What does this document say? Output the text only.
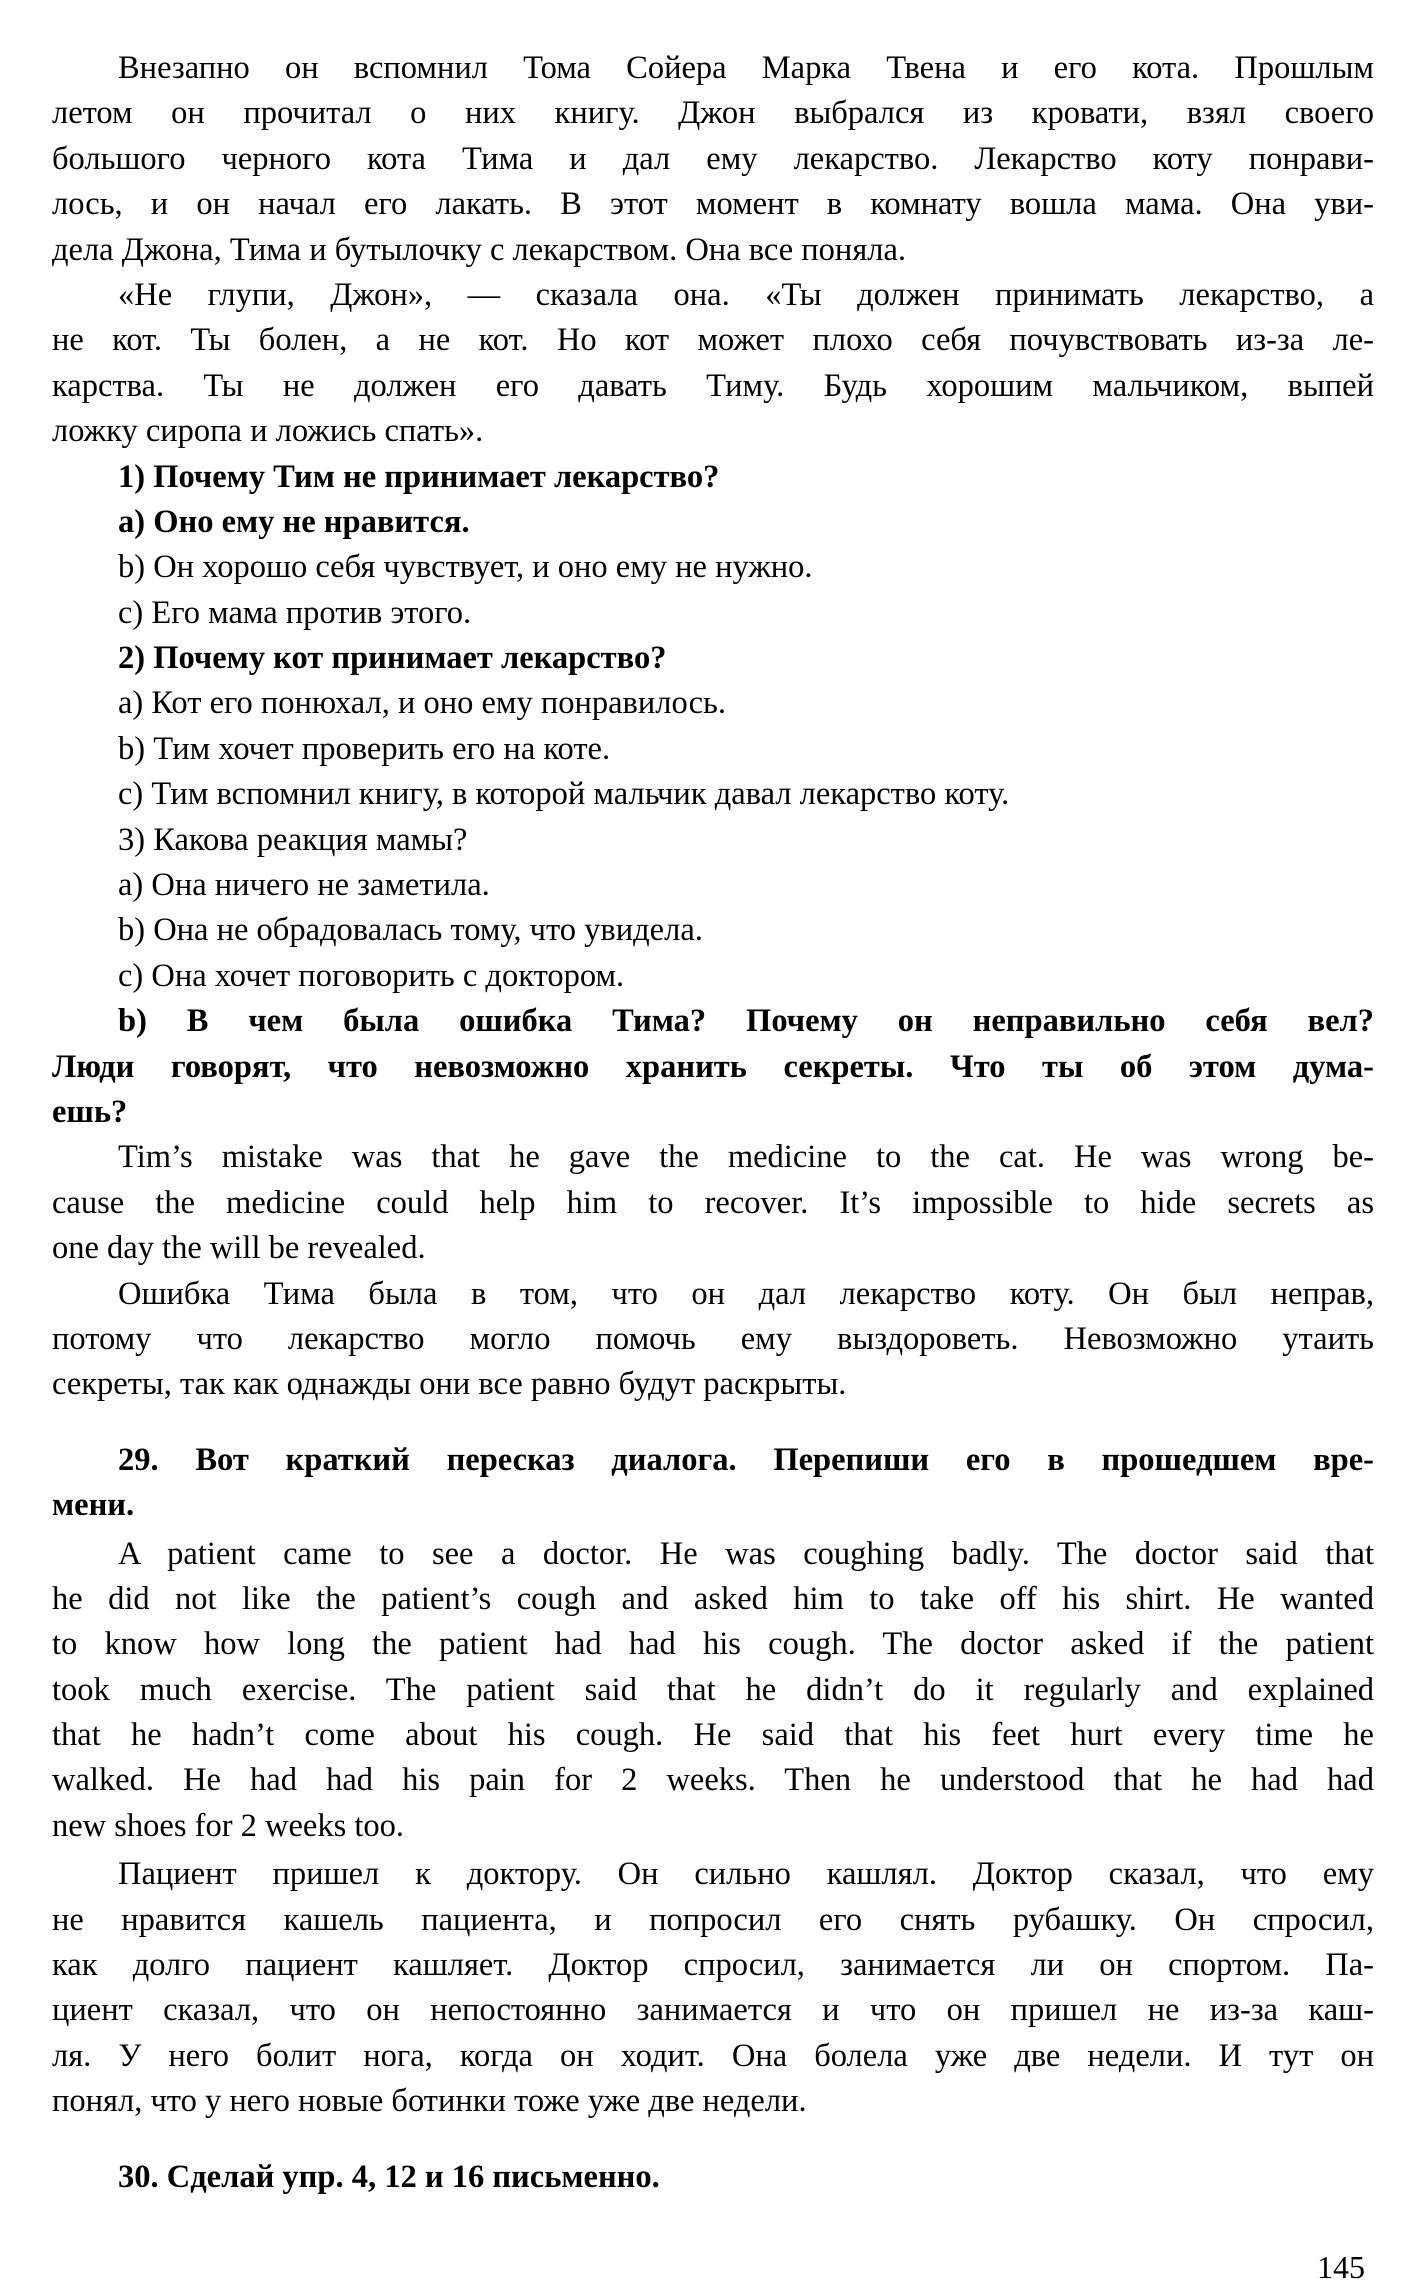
Внезапно он вспомнил Тома Сойера Марка Твена и его кота. Прошлым
летом он прочитал о них книгу. Джон выбрался из кровати, взял своего
большого черного кота Тима и дал ему лекарство. Лекарство коту понрави-
лось, и он начал его лакать. В этот момент в комнату вошла мама. Она уви-
дела Джона, Тима и бутылочку с лекарством. Она все поняла.
«Не глупи, Джон», — сказала она. «Ты должен принимать лекарство, а
не кот. Ты болен, а не кот. Но кот может плохо себя почувствовать из-за ле-
карства. Ты не должен его давать Тиму. Будь хорошим мальчиком, выпей
ложку сиропа и ложись спать».
1) Почему Тим не принимает лекарство?
a) Оно ему не нравится.
b) Он хорошо себя чувствует, и оно ему не нужно.
c) Его мама против этого.
2) Почему кот принимает лекарство?
a) Кот его понюхал, и оно ему понравилось.
b) Тим хочет проверить его на коте.
c) Тим вспомнил книгу, в которой мальчик давал лекарство коту.
3) Какова реакция мамы?
a) Она ничего не заметила.
b) Она не обрадовалась тому, что увидела.
c) Она хочет поговорить с доктором.
b) В чем была ошибка Тима? Почему он неправильно себя вел?
Люди говорят, что невозможно хранить секреты. Что ты об этом дума-
ешь?
Tim’s mistake was that he gave the medicine to the cat. He was wrong be-
cause the medicine could help him to recover. It’s impossible to hide secrets as
one day the will be revealed.
Ошибка Тима была в том, что он дал лекарство коту. Он был неправ,
потому что лекарство могло помочь ему выздороветь. Невозможно утаить
секреты, так как однажды они все равно будут раскрыты.
29. Вот краткий пересказ диалога. Перепиши его в прошедшем вре-
мени.
A patient came to see a doctor. He was coughing badly. The doctor said that
he did not like the patient’s cough and asked him to take off his shirt. He wanted
to know how long the patient had had his cough. The doctor asked if the patient
took much exercise. The patient said that he didn’t do it regularly and explained
that he hadn’t come about his cough. He said that his feet hurt every time he
walked. He had had his pain for 2 weeks. Then he understood that he had had
new shoes for 2 weeks too.
Пациент пришел к доктору. Он сильно кашлял. Доктор сказал, что ему
не нравится кашель пациента, и попросил его снять рубашку. Он спросил,
как долго пациент кашляет. Доктор спросил, занимается ли он спортом. Па-
циент сказал, что он непостоянно занимается и что он пришел не из-за каш-
ля. У него болит нога, когда он ходит. Она болела уже две недели. И тут он
понял, что у него новые ботинки тоже уже две недели.
30. Сделай упр. 4, 12 и 16 письменно.
145
